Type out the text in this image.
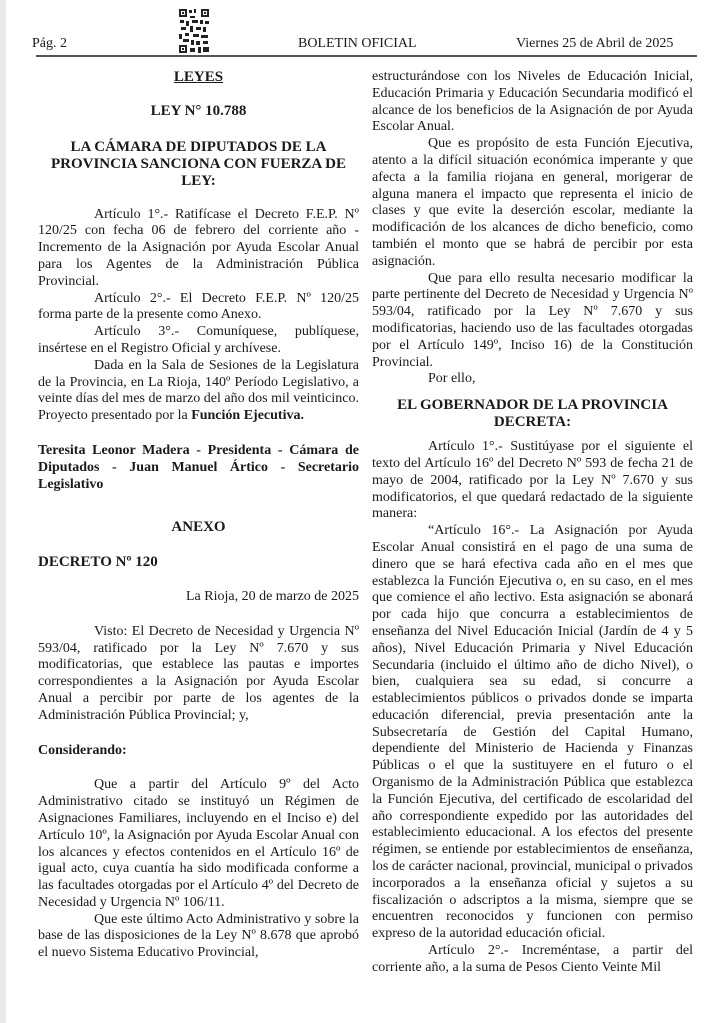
Pág. 2	BOLETIN OFICIAL	Viernes 25 de Abril de 2025

LEYES

LEY N° 10.788

LA CÁMARA DE DIPUTADOS DE LA PROVINCIA SANCIONA CON FUERZA DE LEY:

Artículo 1°.- Ratifícase el Decreto F.E.P. Nº 120/25 con fecha 06 de febrero del corriente año - Incremento de la Asignación por Ayuda Escolar Anual para los Agentes de la Administración Pública Provincial.

Artículo 2°.- El Decreto F.E.P. Nº 120/25 forma parte de la presente como Anexo.

Artículo 3°.- Comuníquese, publíquese, insértese en el Registro Oficial y archívese.

Dada en la Sala de Sesiones de la Legislatura de la Provincia, en La Rioja, 140º Período Legislativo, a veinte días del mes de marzo del año dos mil veinticinco. Proyecto presentado por la Función Ejecutiva.

Teresita Leonor Madera - Presidenta - Cámara de Diputados - Juan Manuel Ártico - Secretario Legislativo

ANEXO

DECRETO Nº 120

La Rioja, 20 de marzo de 2025

Visto: El Decreto de Necesidad y Urgencia Nº 593/04, ratificado por la Ley Nº 7.670 y sus modificatorias, que establece las pautas e importes correspondientes a la Asignación por Ayuda Escolar Anual a percibir por parte de los agentes de la Administración Pública Provincial; y,

Considerando:

Que a partir del Artículo 9º del Acto Administrativo citado se instituyó un Régimen de Asignaciones Familiares, incluyendo en el Inciso e) del Artículo 10º, la Asignación por Ayuda Escolar Anual con los alcances y efectos contenidos en el Artículo 16º de igual acto, cuya cuantía ha sido modificada conforme a las facultades otorgadas por el Artículo 4º del Decreto de Necesidad y Urgencia Nº 106/11.

Que este último Acto Administrativo y sobre la base de las disposiciones de la Ley Nº 8.678 que aprobó el nuevo Sistema Educativo Provincial,

estructurándose con los Niveles de Educación Inicial, Educación Primaria y Educación Secundaria modificó el alcance de los beneficios de la Asignación de por Ayuda Escolar Anual.

Que es propósito de esta Función Ejecutiva, atento a la difícil situación económica imperante y que afecta a la familia riojana en general, morigerar de alguna manera el impacto que representa el inicio de clases y que evite la deserción escolar, mediante la modificación de los alcances de dicho beneficio, como también el monto que se habrá de percibir por esta asignación.

Que para ello resulta necesario modificar la parte pertinente del Decreto de Necesidad y Urgencia Nº 593/04, ratificado por la Ley Nº 7.670 y sus modificatorias, haciendo uso de las facultades otorgadas por el Artículo 149º, Inciso 16) de la Constitución Provincial.

Por ello,

EL GOBERNADOR DE LA PROVINCIA DECRETA:

Artículo 1°.- Sustitúyase por el siguiente el texto del Artículo 16º del Decreto Nº 593 de fecha 21 de mayo de 2004, ratificado por la Ley Nº 7.670 y sus modificatorios, el que quedará redactado de la siguiente manera:

“Artículo 16°.- La Asignación por Ayuda Escolar Anual consistirá en el pago de una suma de dinero que se hará efectiva cada año en el mes que establezca la Función Ejecutiva o, en su caso, en el mes que comience el año lectivo. Esta asignación se abonará por cada hijo que concurra a establecimientos de enseñanza del Nivel Educación Inicial (Jardín de 4 y 5 años), Nivel Educación Primaria y Nivel Educación Secundaria (incluido el último año de dicho Nivel), o bien, cualquiera sea su edad, si concurre a establecimientos públicos o privados donde se imparta educación diferencial, previa presentación ante la Subsecretaría de Gestión del Capital Humano, dependiente del Ministerio de Hacienda y Finanzas Públicas o el que la sustituyere en el futuro o el Organismo de la Administración Pública que establezca la Función Ejecutiva, del certificado de escolaridad del año correspondiente expedido por las autoridades del establecimiento educacional. A los efectos del presente régimen, se entiende por establecimientos de enseñanza, los de carácter nacional, provincial, municipal o privados incorporados a la enseñanza oficial y sujetos a su fiscalización o adscriptos a la misma, siempre que se encuentren reconocidos y funcionen con permiso expreso de la autoridad educación oficial.

Artículo 2°.- Increméntase, a partir del corriente año, a la suma de Pesos Ciento Veinte Mil
